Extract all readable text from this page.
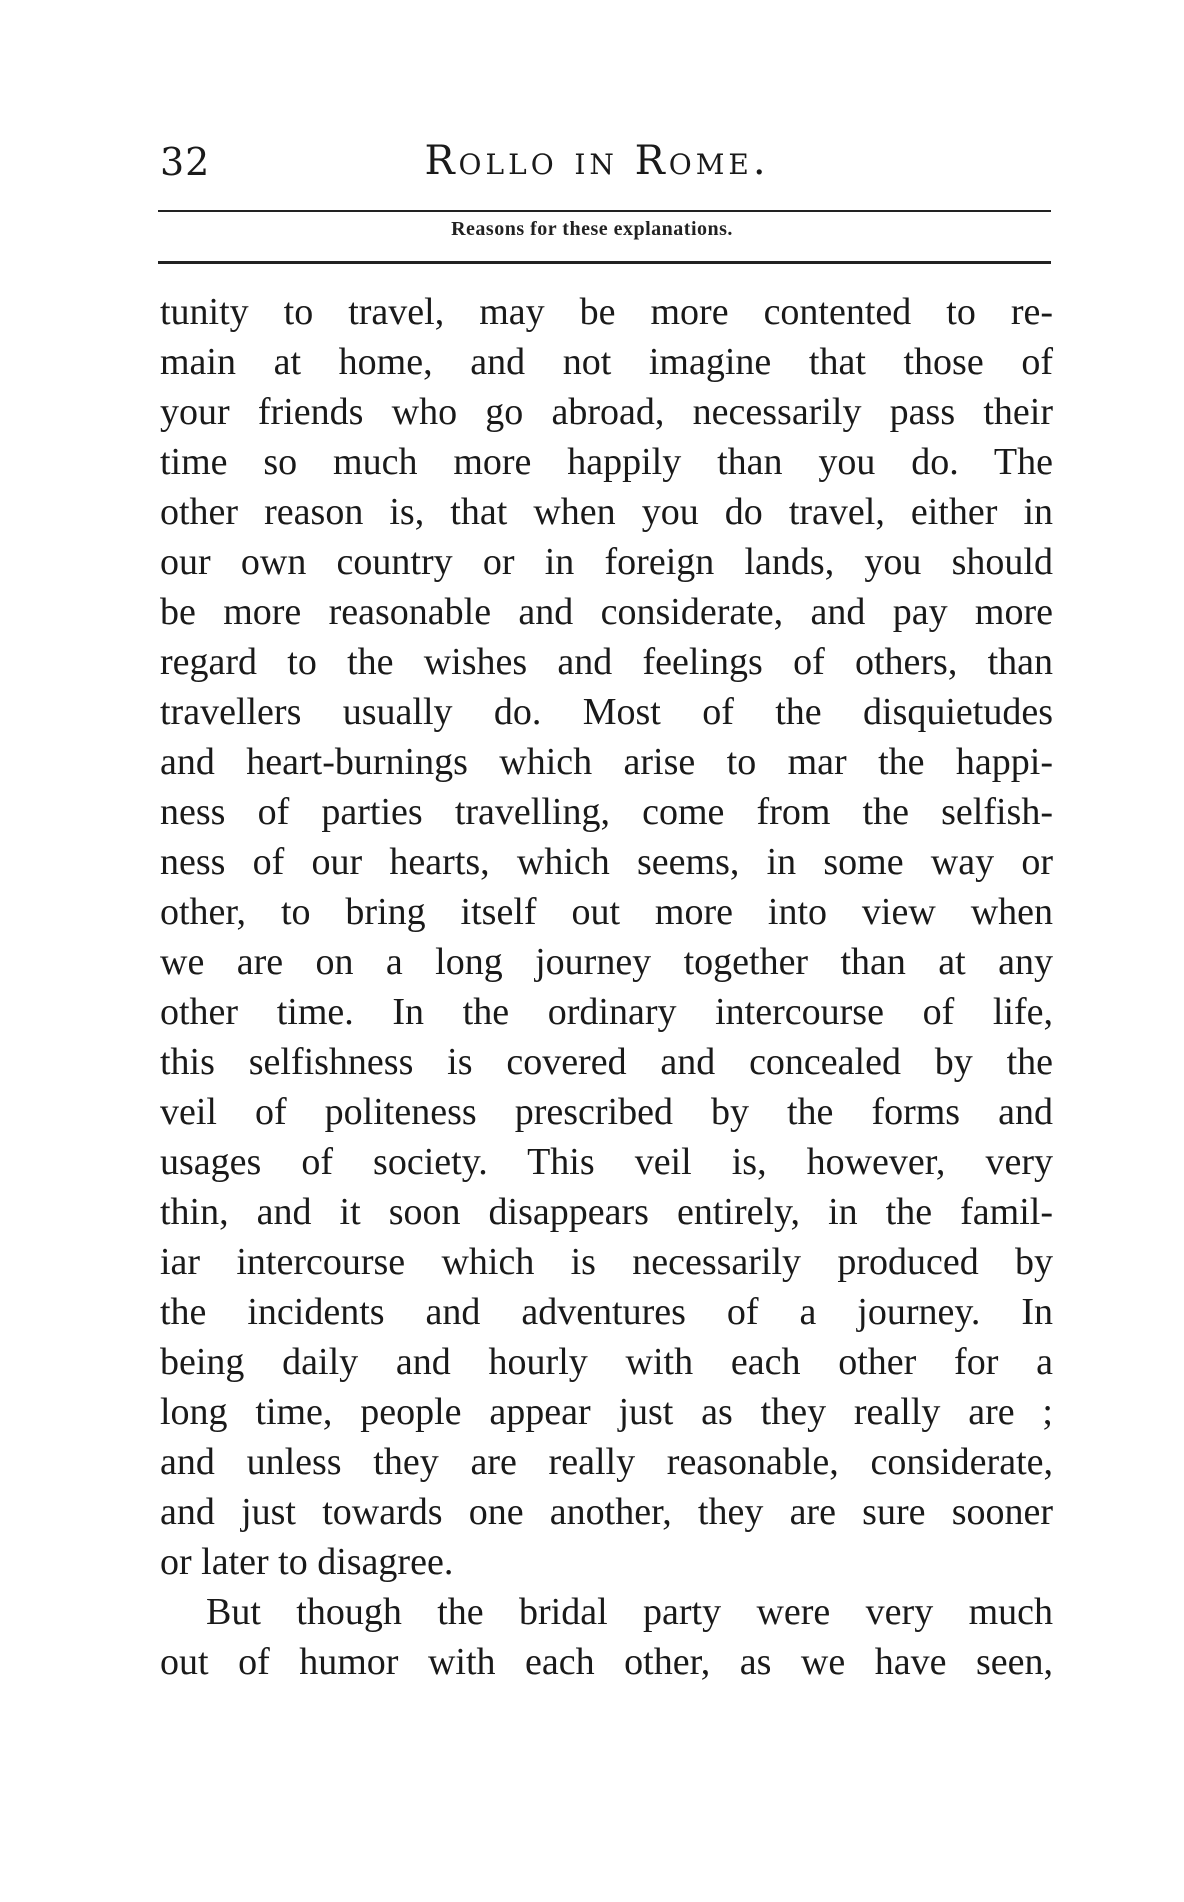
32	Rollo in Rome.
Reasons for these explanations.
tunity to travel, may be more contented to re-
main at home, and not imagine that those of
your friends who go abroad, necessarily pass their
time so much more happily than you do. The
other reason is, that when you do travel, either in
our own country or in foreign lands, you should
be more reasonable and considerate, and pay more
regard to the wishes and feelings of others, than
travellers usually do. Most of the disquietudes
and heart-burnings which arise to mar the happi-
ness of parties travelling, come from the selfish-
ness of our hearts, which seems, in some way or
other, to bring itself out more into view when
we are on a long journey together than at any
other time. In the ordinary intercourse of life,
this selfishness is covered and concealed by the
veil of politeness prescribed by the forms and
usages of society. This veil is, however, very
thin, and it soon disappears entirely, in the famil-
iar intercourse which is necessarily produced by
the incidents and adventures of a journey. In
being daily and hourly with each other for a
long time, people appear just as they really are ;
and unless they are really reasonable, considerate,
and just towards one another, they are sure sooner
or later to disagree.
But though the bridal party were very much
out of humor with each other, as we have seen,
